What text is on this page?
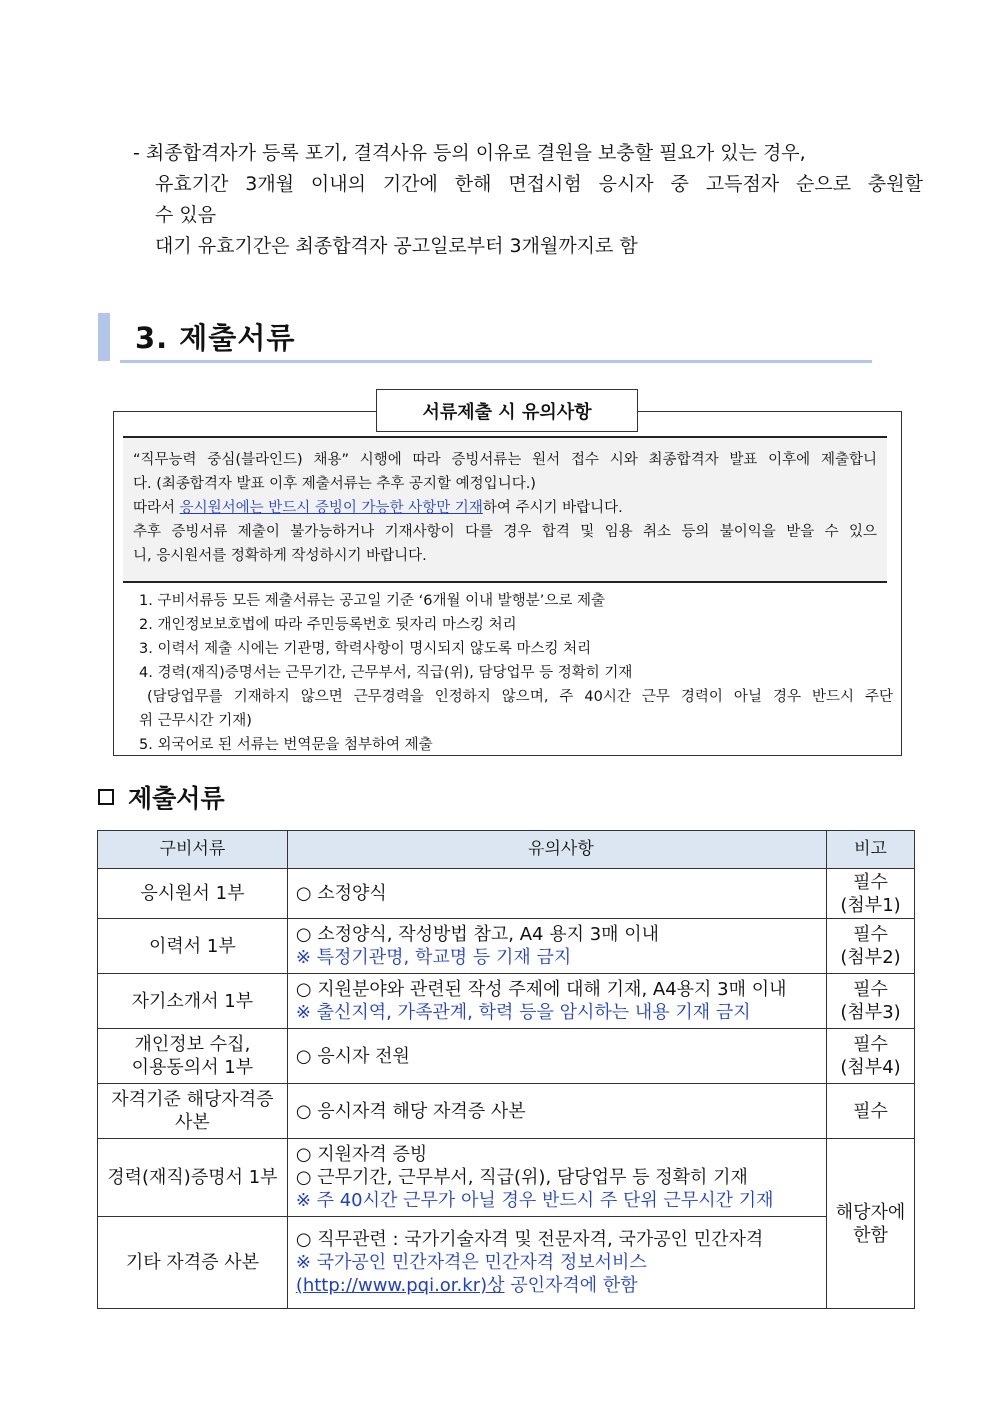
- 최종합격자가 등록 포기, 결격사유 등의 이유로 결원을 보충할 필요가 있는 경우,
유효기간 3개월 이내의 기간에 한해 면접시험 응시자 중 고득점자 순으로 충원할
수 있음
대기 유효기간은 최종합격자 공고일로부터 3개월까지로 함
3. 제출서류
서류제출 시 유의사항
“직무능력 중심(블라인드) 채용” 시행에 따라 증빙서류는 원서 접수 시와 최종합격자 발표 이후에 제출합니
다. (최종합격자 발표 이후 제출서류는 추후 공지할 예정입니다.)
따라서 응시원서에는 반드시 증빙이 가능한 사항만 기재하여 주시기 바랍니다.
추후 증빙서류 제출이 불가능하거나 기재사항이 다를 경우 합격 및 임용 취소 등의 불이익을 받을 수 있으
니, 응시원서를 정확하게 작성하시기 바랍니다.
1. 구비서류등 모든 제출서류는 공고일 기준 ‘6개월 이내 발행분’으로 제출
2. 개인정보보호법에 따라 주민등록번호 뒷자리 마스킹 처리
3. 이력서 제출 시에는 기관명, 학력사항이 명시되지 않도록 마스킹 처리
4. 경력(재직)증명서는 근무기간, 근무부서, 직급(위), 담당업무 등 정확히 기재
(담당업무를 기재하지 않으면 근무경력을 인정하지 않으며, 주 40시간 근무 경력이 아닐 경우 반드시 주단
위 근무시간 기재)
5. 외국어로 된 서류는 번역문을 첨부하여 제출
제출서류
구비서류	유의사항	비고
응시원서 1부	○ 소정양식	필수
(첨부1)

이력서 1부	○ 소정양식, 작성방법 참고, A4 용지 3매 이내
※ 특정기관명, 학교명 등 기재 금지	필수
(첨부2)

자기소개서 1부	○ 지원분야와 관련된 작성 주제에 대해 기재, A4용지 3매 이내
※ 출신지역, 가족관계, 학력 등을 암시하는 내용 기재 금지	필수
(첨부3)

개인정보 수집,
이용동의서 1부	○ 응시자 전원	필수
(첨부4)

자격기준 해당자격증
사본	○ 응시자격 해당 자격증 사본	필수
경력(재직)증명서 1부	○ 지원자격 증빙
○ 근무기간, 근무부서, 직급(위), 담당업무 등 정확히 기재
※ 주 40시간 근무가 아닐 경우 반드시 주 단위 근무시간 기재	해당자에
한함

기타 자격증 사본	○ 직무관련 : 국가기술자격 및 전문자격, 국가공인 민간자격
※ 국가공인 민간자격은 민간자격 정보서비스
(http://www.pqi.or.kr)상 공인자격에 한함	
